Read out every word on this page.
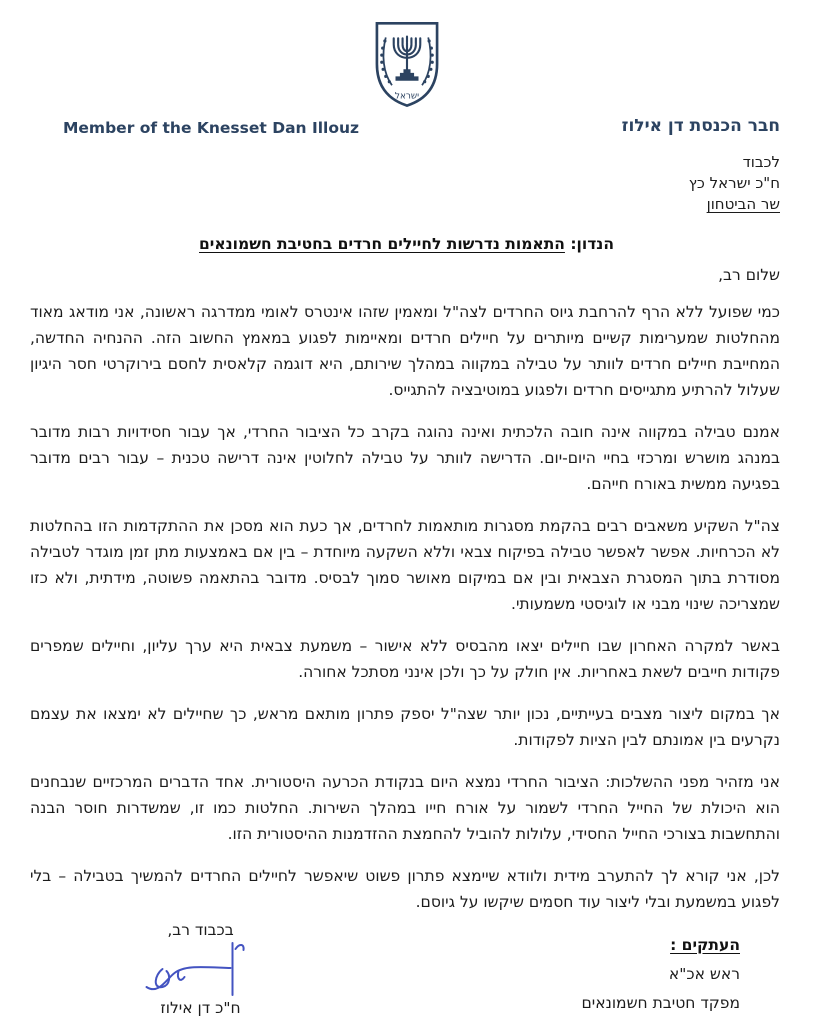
ישראל
חבר הכנסת דן אילוז
Member of the Knesset Dan Illouz
לכבוד
ח"כ ישראל כץ
שר הביטחון
הנדון: התאמות נדרשות לחיילים חרדים בחטיבת חשמונאים
שלום רב,

כמי שפועל ללא הרף להרחבת גיוס החרדים לצה"ל ומאמין שזהו אינטרס לאומי ממדרגה ראשונה, אני מודאג מאוד מהחלטות שמערימות קשיים מיותרים על חיילים חרדים ומאיימות לפגוע במאמץ החשוב הזה. ההנחיה החדשה, המחייבת חיילים חרדים לוותר על טבילה במקווה במהלך שירותם, היא דוגמה קלאסית לחסם בירוקרטי חסר היגיון שעלול להרתיע מתגייסים חרדים ולפגוע במוטיבציה להתגייס.

אמנם טבילה במקווה אינה חובה הלכתית ואינה נהוגה בקרב כל הציבור החרדי, אך עבור חסידויות רבות מדובר במנהג מושרש ומרכזי בחיי היום-יום. הדרישה לוותר על טבילה לחלוטין אינה דרישה טכנית – עבור רבים מדובר בפגיעה ממשית באורח חייהם.

צה"ל השקיע משאבים רבים בהקמת מסגרות מותאמות לחרדים, אך כעת הוא מסכן את ההתקדמות הזו בהחלטות לא הכרחיות. אפשר לאפשר טבילה בפיקוח צבאי וללא השקעה מיוחדת – בין אם באמצעות מתן זמן מוגדר לטבילה מסודרת בתוך המסגרת הצבאית ובין אם במיקום מאושר סמוך לבסיס. מדובר בהתאמה פשוטה, מידתית, ולא כזו שמצריכה שינוי מבני או לוגיסטי משמעותי.

באשר למקרה האחרון שבו חיילים יצאו מהבסיס ללא אישור – משמעת צבאית היא ערך עליון, וחיילים שמפרים פקודות חייבים לשאת באחריות. אין חולק על כך ולכן אינני מסתכל אחורה.

אך במקום ליצור מצבים בעייתיים, נכון יותר שצה"ל יספק פתרון מותאם מראש, כך שחיילים לא ימצאו את עצמם נקרעים בין אמונתם לבין הציות לפקודות.

אני מזהיר מפני ההשלכות: הציבור החרדי נמצא היום בנקודת הכרעה היסטורית. אחד הדברים המרכזיים שנבחנים הוא היכולת של החייל החרדי לשמור על אורח חייו במהלך השירות. החלטות כמו זו, שמשדרות חוסר הבנה והתחשבות בצורכי החייל החסידי, עלולות להוביל להחמצת ההזדמנות ההיסטורית הזו.

לכן, אני קורא לך להתערב מידית ולוודא שיימצא פתרון פשוט שיאפשר לחיילים החרדים להמשיך בטבילה – בלי לפגוע במשמעת ובלי ליצור עוד חסמים שיקשו על גיוסם.

בכבוד רב,
ח"כ דן אילוז
העתקים :
ראש אכ"א
מפקד חטיבת חשמונאים
